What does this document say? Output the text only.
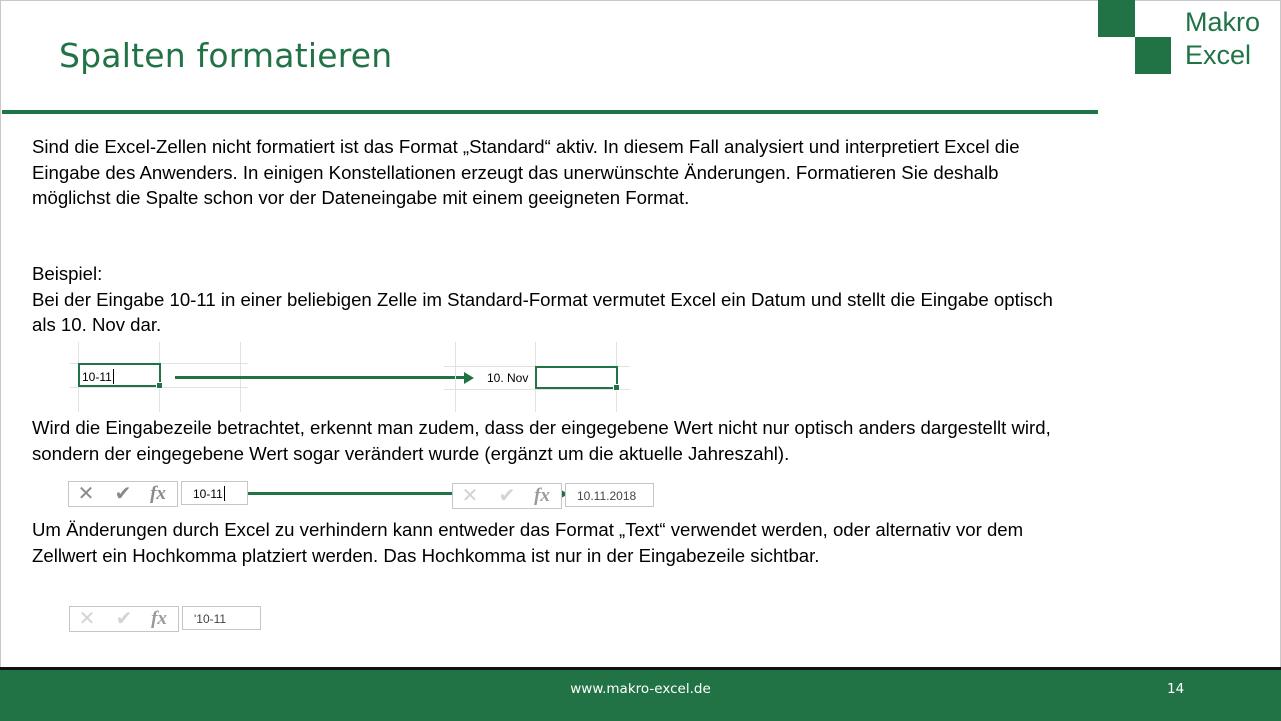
Spalten formatieren
Makro
Excel

Sind die Excel-Zellen nicht formatiert ist das Format „Standard“ aktiv. In diesem Fall analysiert und interpretiert Excel die Eingabe des Anwenders. In einigen Konstellationen erzeugt das unerwünschte Änderungen. Formatieren Sie deshalb möglichst die Spalte schon vor der Dateneingabe mit einem geeigneten Format.

Beispiel:
Bei der Eingabe 10-11 in einer beliebigen Zelle im Standard-Format vermutet Excel ein Datum und stellt die Eingabe optisch als 10. Nov dar.
10-11	10. Nov

Wird die Eingabezeile betrachtet, erkennt man zudem, dass der eingegebene Wert nicht nur optisch anders dargestellt wird, sondern der eingegebene Wert sogar verändert wurde (ergänzt um die aktuelle Jahreszahl).

✕ ✔ fx	10-11	✕ ✔ fx	10.11.2018

Um Änderungen durch Excel zu verhindern kann entweder das Format „Text“ verwendet werden, oder alternativ vor dem Zellwert ein Hochkomma platziert werden. Das Hochkomma ist nur in der Eingabezeile sichtbar.

✕ ✔ fx	'10-11
www.makro-excel.de	14
